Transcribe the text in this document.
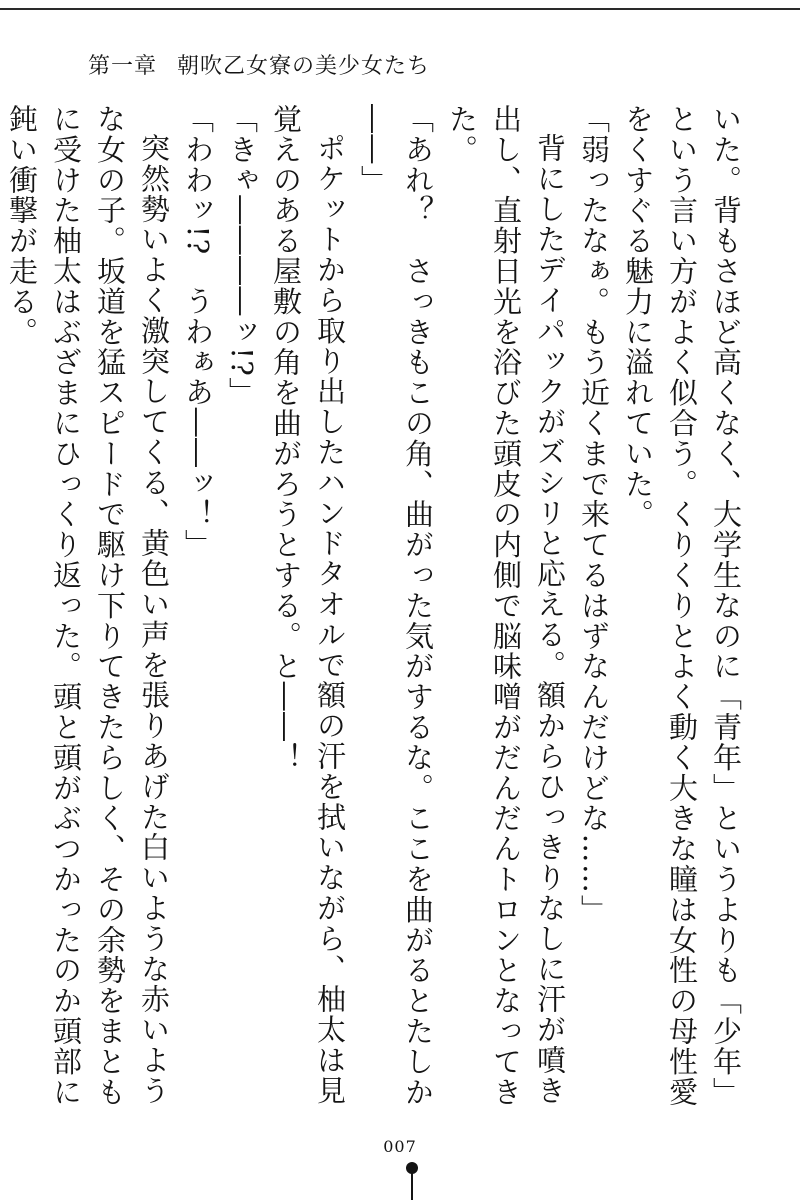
第一章 朝吹乙女寮の美少女たち

いた。背もさほど高くなく、大学生なのに「青年」というよりも「少年」という言い方がよく似合う。くりくりとよく動く大きな瞳は女性の母性愛をくすぐる魅力に溢れていた。

「弱ったなぁ。もう近くまで来てるはずなんだけどな……」

背にしたデイパックがズシリと応える。額からひっきりなしに汗が噴き出し、直射日光を浴びた頭皮の内側で脳味噌がだんだんトロンとなってきた。

「あれ？　さっきもこの角、曲がった気がするな。ここを曲がるとたしか――」

ポケットから取り出したハンドタオルで額の汗を拭いながら、柚太は見覚えのある屋敷の角を曲がろうとする。と――！

「きゃ――――ッ!?」

「わわッ!?　うわぁあ――ッ！」

突然勢いよく激突してくる、黄色い声を張りあげた白いような赤いような女の子。坂道を猛スピードで駆け下りてきたらしく、その余勢をまともに受けた柚太はぶざまにひっくり返った。頭と頭がぶつかったのか頭部に鈍い衝撃が走る。

007
